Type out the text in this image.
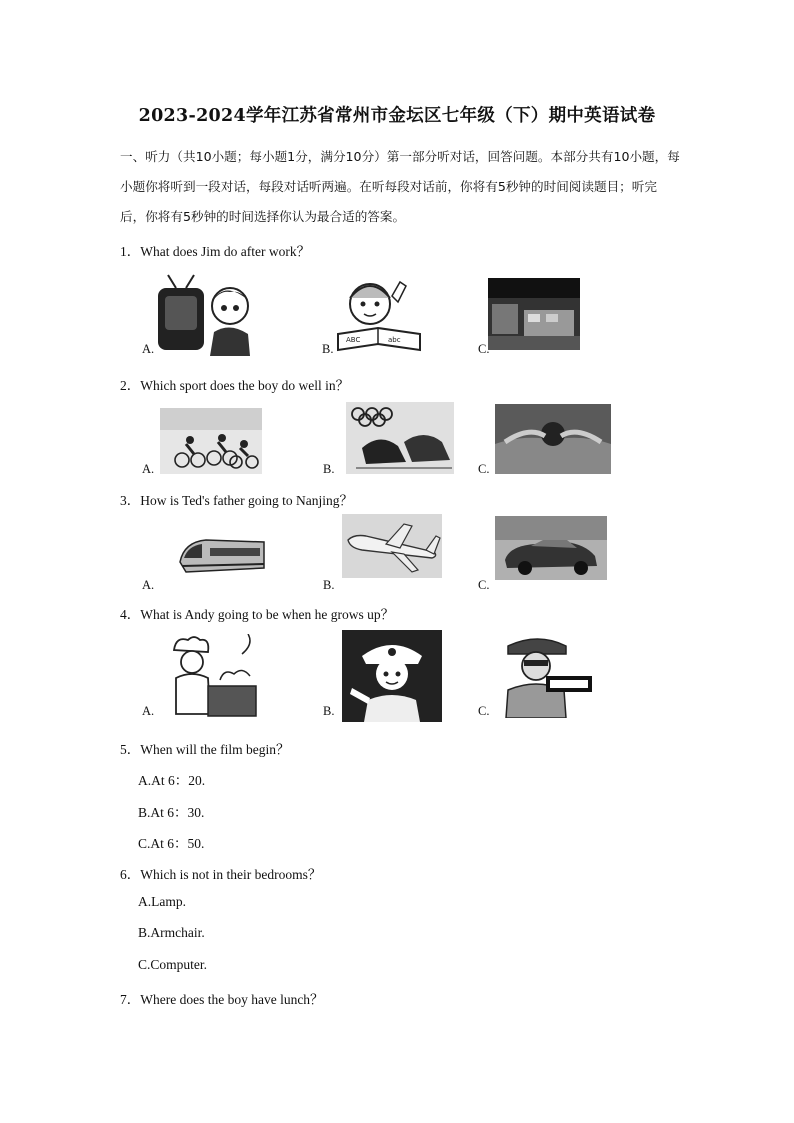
2023-2024学年江苏省常州市金坛区七年级（下）期中英语试卷
一、听力（共10小题；每小题1分，满分10分）第一部分听对话，回答问题。本部分共有10小题，每小题你将听到一段对话，每段对话听两遍。在听每段对话前，你将有5秒钟的时间阅读题目；听完后，你将有5秒钟的时间选择你认为最合适的答案。
1．What does Jim do after work？
ABC	abc
A.	B.	C.
2．Which sport does the boy do well in？
A.	B.	C.
3．How is Ted's father going to Nanjing？
A.	B.	C.
4．What is Andy going to be when he grows up？
A.	B.	C.
5．When will the film begin？
A.At 6：20.
B.At 6：30.
C.At 6：50.
6．Which is not in their bedrooms？
A.Lamp.
B.Armchair.
C.Computer.
7．Where does the boy have lunch？
